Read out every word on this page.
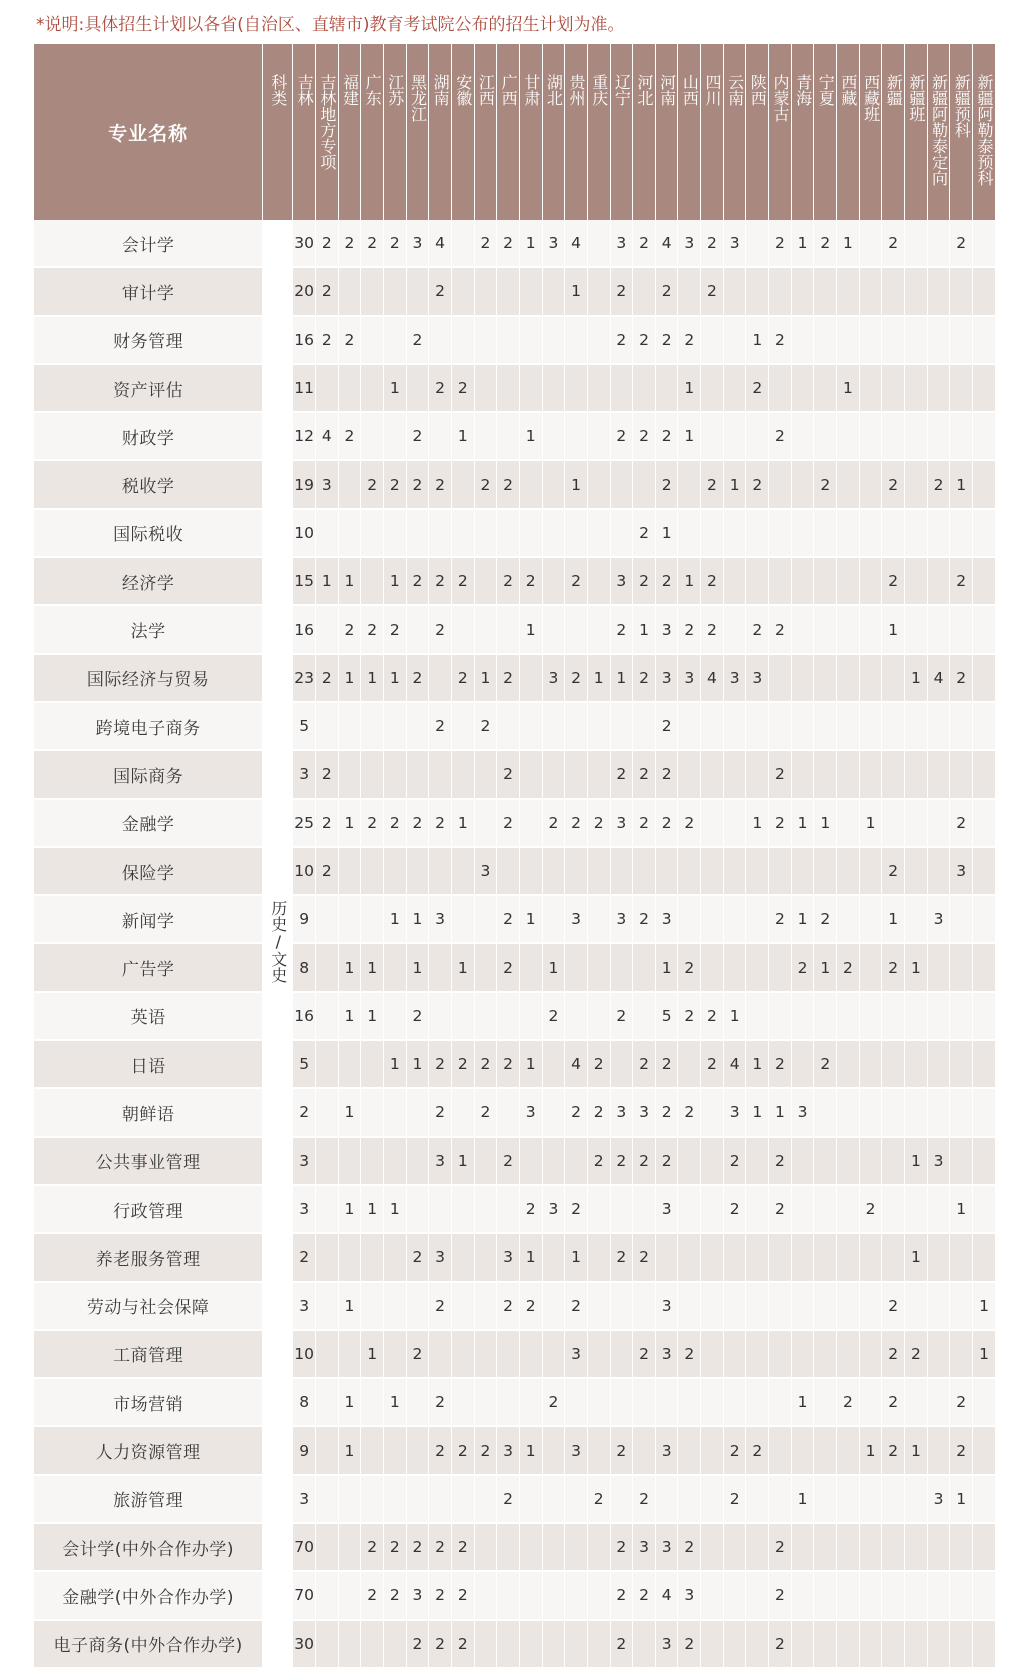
*说明:具体招生计划以各省(自治区、直辖市)教育考试院公布的招生计划为准。
专业名称	科类	吉林	吉林地方专项	福建	广东	江苏	黑龙江	湖南	安徽	江西	广西	甘肃	湖北	贵州	重庆	辽宁	河北	河南	山西	四川	云南	陕西	内蒙古	青海	宁夏	西藏	西藏班	新疆	新疆班	新疆阿勒泰定向	新疆预科	新疆阿勒泰预科
会计学	历史/文史	30	2	2	2	2	3	4		2	2	1	3	4		3	2	4	3	2	3		2	1	2	1		2			2	
审计学		20	2					2						1		2		2		2												
财务管理		16	2	2			2									2	2	2	2			1	2									
资产评估		11				1		2	2										1			2				1						
财政学		12	4	2			2		1			1				2	2	2	1				2									
税收学		19	3		2	2	2	2		2	2			1				2		2	1	2			2			2		2	1	
国际税收		10															2	1														
经济学		15	1	1		1	2	2	2		2	2		2		3	2	2	1	2								2			2	
法学		16		2	2	2		2				1				2	1	3	2	2		2	2					1				
国际经济与贸易		23	2	1	1	1	2		2	1	2		3	2	1	1	2	3	3	4	3	3							1	4	2	
跨境电子商务		5						2		2								2														
国际商务		3	2								2					2	2	2					2									
金融学		25	2	1	2	2	2	2	1		2		2	2	2	3	2	2	2			1	2	1	1		1				2	
保险学		10	2							3																		2			3	
新闻学		9				1	1	3			2	1		3		3	2	3					2	1	2			1		3		
广告学		8		1	1		1		1		2		1					1	2					2	1	2		2	1			
英语		16		1	1		2						2			2		5	2	2	1											
日语		5				1	1	2	2	2	2	1		4	2		2	2		2	4	1	2		2							
朝鲜语		2		1				2		2		3		2	2	3	3	2	2		3	1	1	3								
公共事业管理		3						3	1		2				2	2	2	2			2		2						1	3		
行政管理		3		1	1	1						2	3	2				3			2		2				2				1	
养老服务管理		2					2	3			3	1		1		2	2												1			
劳动与社会保障		3		1				2			2	2		2				3										2				1
工商管理		10			1		2							3			2	3	2									2	2			1
市场营销		8		1		1		2					2											1		2		2			2	
人力资源管理		9		1				2	2	2	3	1		3		2		3			2	2					1	2	1		2	
旅游管理		3									2				2		2				2			1						3	1	
会计学(中外合作办学)		70			2	2	2	2	2							2	3	3	2				2									
金融学(中外合作办学)		70			2	2	3	2	2							2	2	4	3				2									
电子商务(中外合作办学)		30					2	2	2							2		3	2				2									
